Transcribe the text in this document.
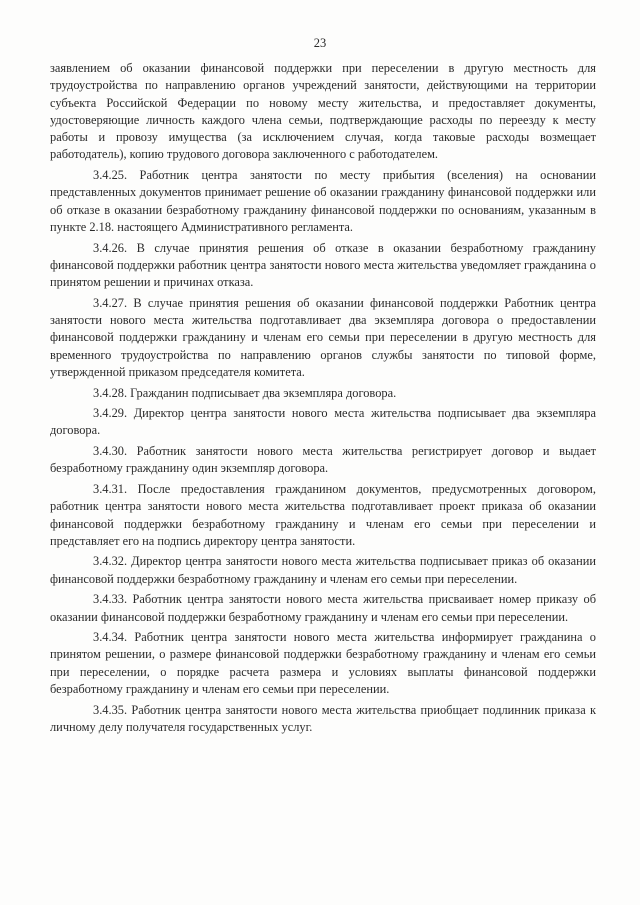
23

заявлением об оказании финансовой поддержки при переселении в другую местность для трудоустройства по направлению органов учреждений занятости, действующими на территории субъекта Российской Федерации по новому месту жительства, и предоставляет документы, удостоверяющие личность каждого члена семьи, подтверждающие расходы по переезду к месту работы и провозу имущества (за исключением случая, когда таковые расходы возмещает работодатель), копию трудового договора заключенного с работодателем.

3.4.25. Работник центра занятости по месту прибытия (вселения) на основании представленных документов принимает решение об оказании гражданину финансовой поддержки или об отказе в оказании безработному гражданину финансовой поддержки по основаниям, указанным в пункте 2.18. настоящего Административного регламента.

3.4.26. В случае принятия решения об отказе в оказании безработному гражданину финансовой поддержки работник центра занятости нового места жительства уведомляет гражданина о принятом решении и причинах отказа.

3.4.27. В случае принятия решения об оказании финансовой поддержки Работник центра занятости нового места жительства подготавливает два экземпляра договора о предоставлении финансовой поддержки гражданину и членам его семьи при переселении в другую местность для временного трудоустройства по направлению органов службы занятости по типовой форме, утвержденной приказом председателя комитета.

3.4.28. Гражданин подписывает два экземпляра договора.

3.4.29. Директор центра занятости нового места жительства подписывает два экземпляра договора.

3.4.30. Работник занятости нового места жительства регистрирует договор и выдает безработному гражданину один экземпляр договора.

3.4.31. После предоставления гражданином документов, предусмотренных договором, работник центра занятости нового места жительства подготавливает проект приказа об оказании финансовой поддержки безработному гражданину и членам его семьи при переселении и представляет его на подпись директору центра занятости.

3.4.32. Директор центра занятости нового места жительства подписывает приказ об оказании финансовой поддержки безработному гражданину и членам его семьи при переселении.

3.4.33. Работник центра занятости нового места жительства присваивает номер приказу об оказании финансовой поддержки безработному гражданину и членам его семьи при переселении.

3.4.34. Работник центра занятости нового места жительства информирует гражданина о принятом решении, о размере финансовой поддержки безработному гражданину и членам его семьи при переселении, о порядке расчета размера и условиях выплаты финансовой поддержки безработному гражданину и членам его семьи при переселении.

3.4.35. Работник центра занятости нового места жительства приобщает подлинник приказа к личному делу получателя государственных услуг.
